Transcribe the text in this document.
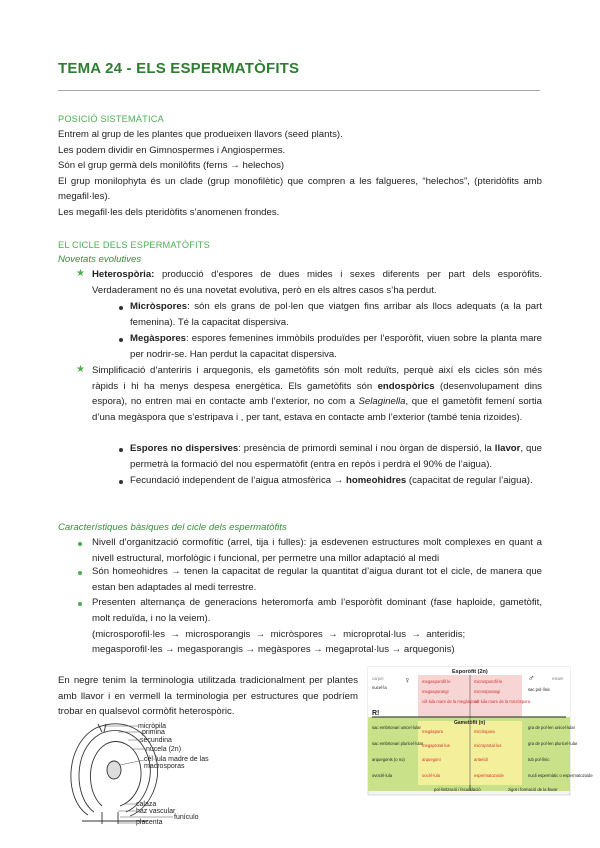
TEMA 24 - ELS ESPERMATÒFITS
POSICIÓ SISTEMÀTICA
Entrem al grup de les plantes que produeixen llavors (seed plants).
Les podem dividir en Gimnospermes i Angiospermes.
Són el grup germà dels monilòfits (ferns → helechos)
El grup monilophyta és un clade (grup monofilètic) que compren a les falgueres, “helechos”, (pteridòfits amb megafil·les).
Les megafil·les dels pteridòfits s’anomenen frondes.
EL CICLE DELS ESPERMATÒFITS
Novetats evolutives
★ Heterospòria: producció d’espores de dues mides i sexes diferents per part dels esporòfits. Verdaderament no és una novetat evolutiva, però en els altres casos s’ha perdut.
Micròspores: són els grans de pol·len que viatgen fins arribar als llocs adequats (a la part femenina). Té la capacitat dispersiva.
Megàspores: espores femenines immòbils produïdes per l’esporòfit, viuen sobre la planta mare per nodrir-se. Han perdut la capacitat dispersiva.
★ Simplificació d’anteriris i arquegonis, els gametòfits són molt reduïts, perquè així els cicles són més ràpids i hi ha menys despesa energètica. Els gametòfits són endospòrics (desenvolupament dins espora), no entren mai en contacte amb l’exterior, no com a Selaginella, que el gametòfit femení sortia d’una megàspora que s’estripava i , per tant, estava en contacte amb l’exterior (també tenia rizoides).
Espores no dispersives: presència de primordi seminal i nou òrgan de dispersió, la llavor, que permetrà la formació del nou espermatòfit (entra en repòs i perdrà el 90% de l’aigua).
Fecundació independent de l’aigua atmosfèrica → homeohidres (capacitat de regular l’aigua).
Característiques bàsiques del cicle dels espermatòfits
Nivell d’organització cormofític (arrel, tija i fulles): ja esdevenen estructures molt complexes en quant a nivell estructural, morfològic i funcional, per permetre una millor adaptació al medi
Són homeohidres → tenen la capacitat de regular la quantitat d’aigua durant tot el cicle, de manera que estan ben adaptades al medi terrestre.
Presenten alternança de generacions heteromorfa amb l’esporòfit dominant (fase haploide, gametòfit, molt reduïda, i no la veiem).
(microsporofil·les  →  microsporangis  →  micròspores  →  microprotal·lus  →  anteridis;
megasporofil·les → megasporangis → megàspores → megaprotal·lus → arquegonis)
En negre tenim la terminologia utilitzada tradicionalment per plantes amb llavor i en vermell la terminologia per estructures que podríem trobar en qualsevol cormòfit heterospòric.
micròpila
primina
secundina
nucela (2n)
cèl·lula madre de las
macrosporas
calaza
haz vascular
funículo
placenta
Esporòfit (2n)
Gametòfit (n)
carpel	estam
♀	♂
R!
nucel·la
sac embrionari unicel·lular
sac embrionari pluricel·lular
arquegonis (o no)
ovocèl·lula
sac pol·línic
gra de pol·len unicel·lular
gra de pol·len pluricel·lular
tub pol·línic
nucli espermàtic o espermatozoide
megasporofil·le
megasporangi
cèl·lula mare de la megàspora
megàspora
megaprotal·lus
arquegoni
oocèl·lula
microsporofil·le
microsporangi
cèl·lula mare de la micròspora
micròspora
microprotal·lus
anteridi
espermatozoide
pol·linització i fecundació	zigot i formació de la llavor
